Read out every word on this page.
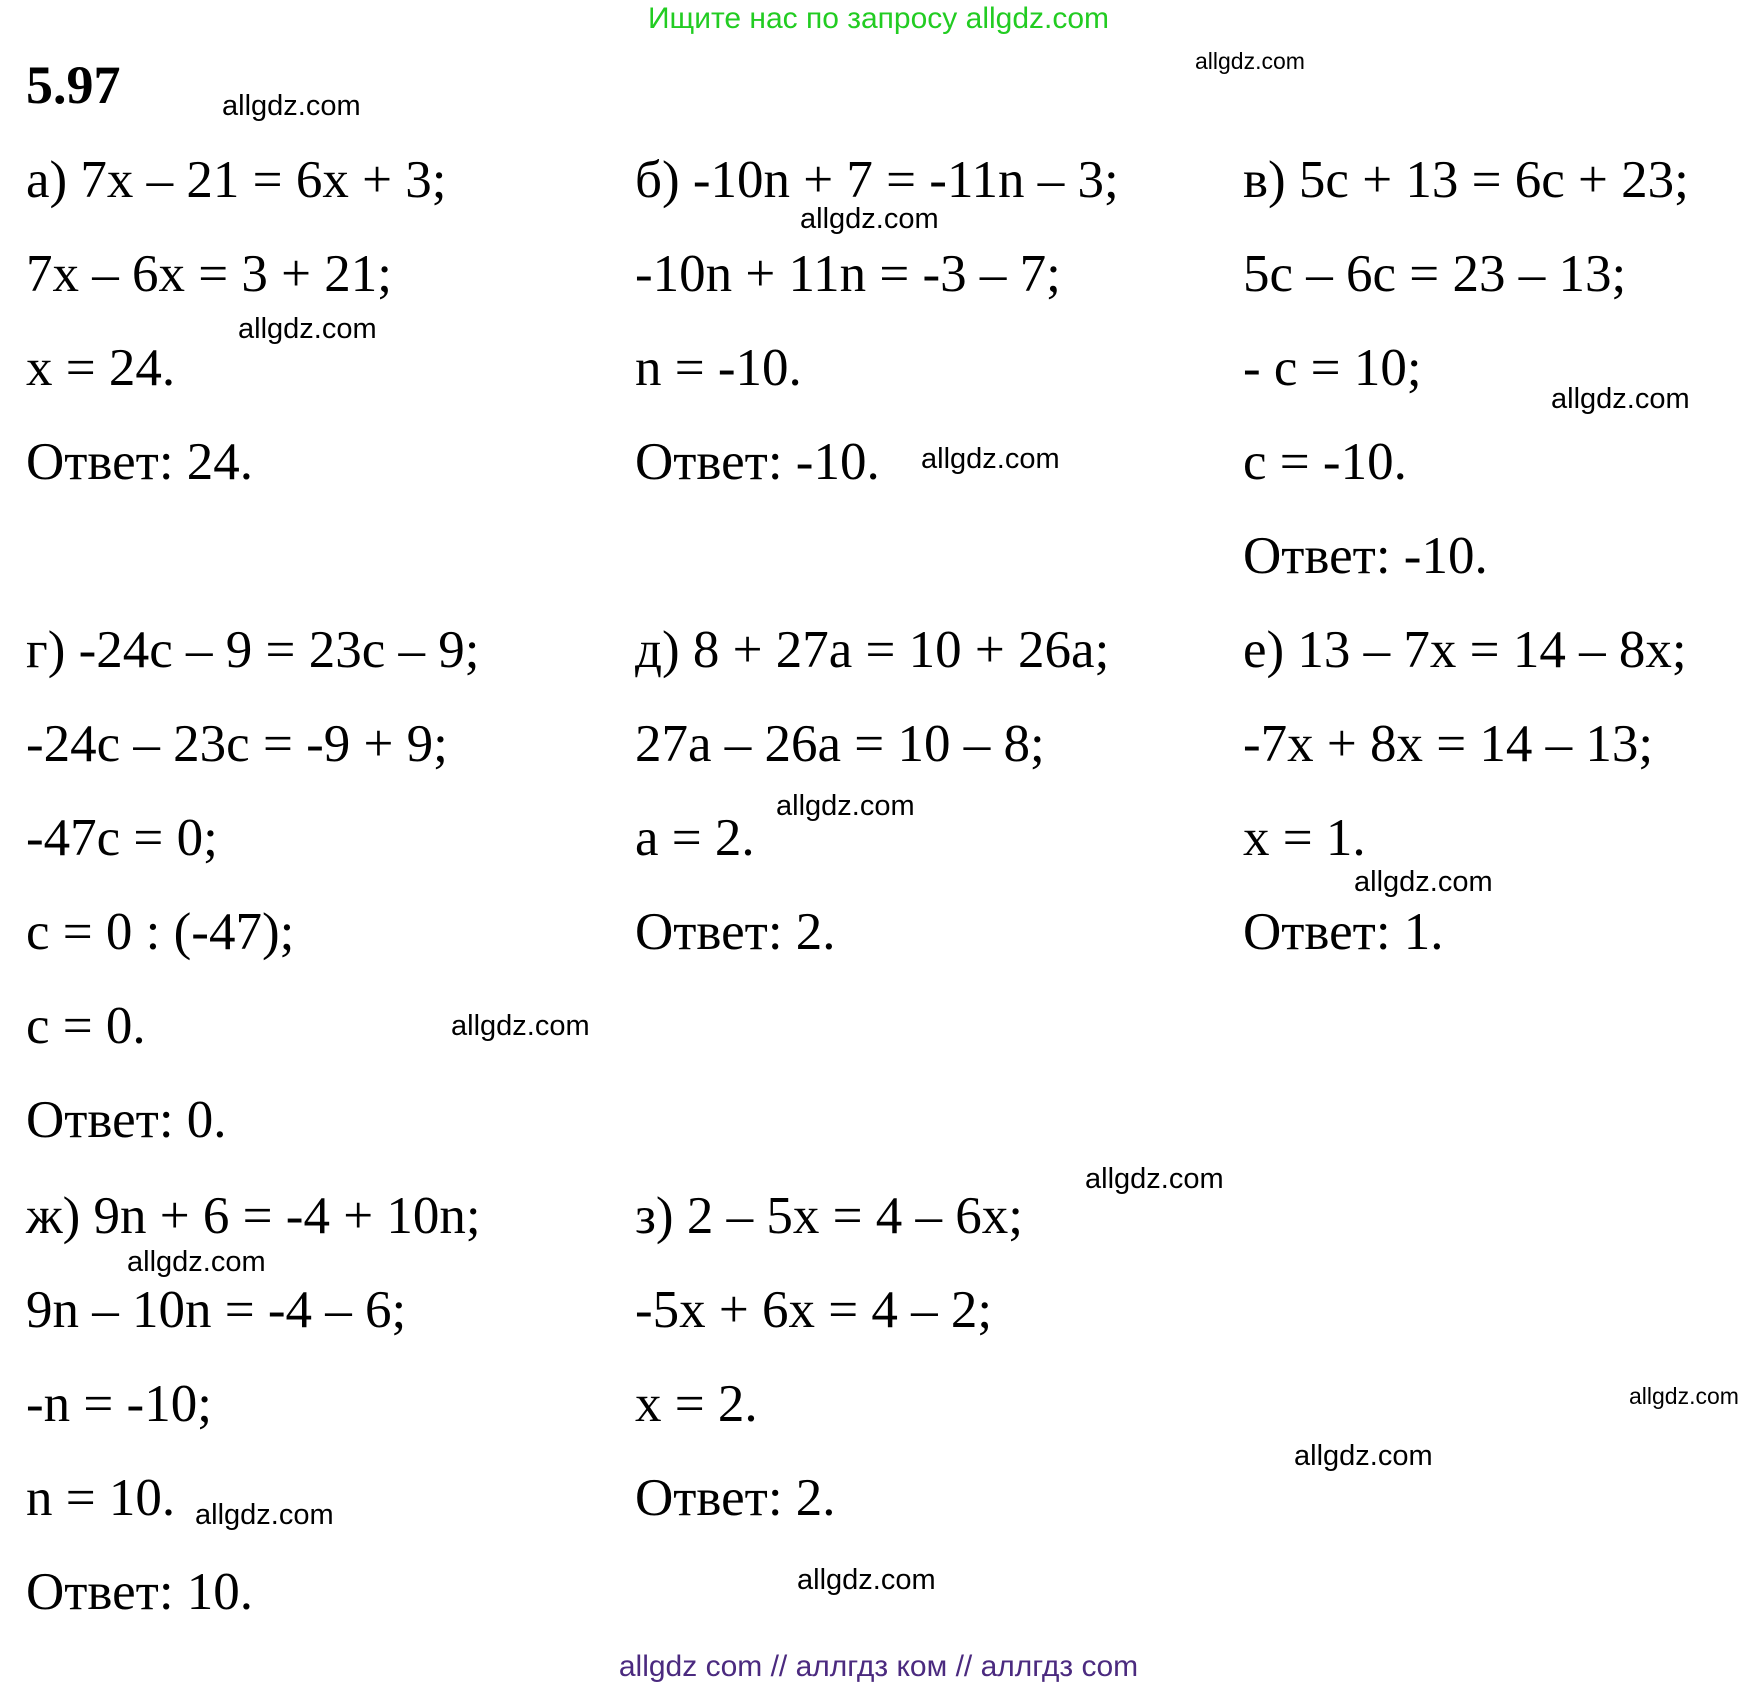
Ищите нас по запросу allgdz.com
5.97
а) 7x – 21 = 6x + 3;
7x – 6x = 3 + 21;
x = 24.
Ответ: 24.
б) -10n + 7 = -11n – 3;
-10n + 11n = -3 – 7;
n = -10.
Ответ: -10.
в) 5c + 13 = 6c + 23;
5c – 6c = 23 – 13;
- c = 10;
c = -10.
Ответ: -10.
г) -24c – 9 = 23c – 9;
-24c – 23c = -9 + 9;
-47c = 0;
c = 0 : (-47);
c = 0.
Ответ: 0.
д) 8 + 27a = 10 + 26a;
27a – 26a = 10 – 8;
a = 2.
Ответ: 2.
е) 13 – 7x = 14 – 8x;
-7x + 8x = 14 – 13;
x = 1.
Ответ: 1.
ж) 9n + 6 = -4 + 10n;
9n – 10n = -4 – 6;
-n = -10;
n = 10.
Ответ: 10.
з) 2 – 5x = 4 – 6x;
-5x + 6x = 4 – 2;
x = 2.
Ответ: 2.
allgdz.com
allgdz.com
allgdz.com
allgdz.com
allgdz.com
allgdz.com
allgdz.com
allgdz.com
allgdz.com
allgdz.com
allgdz.com
allgdz.com
allgdz.com
allgdz.com
allgdz.com
allgdz com // аллгдз ком // аллгдз com
